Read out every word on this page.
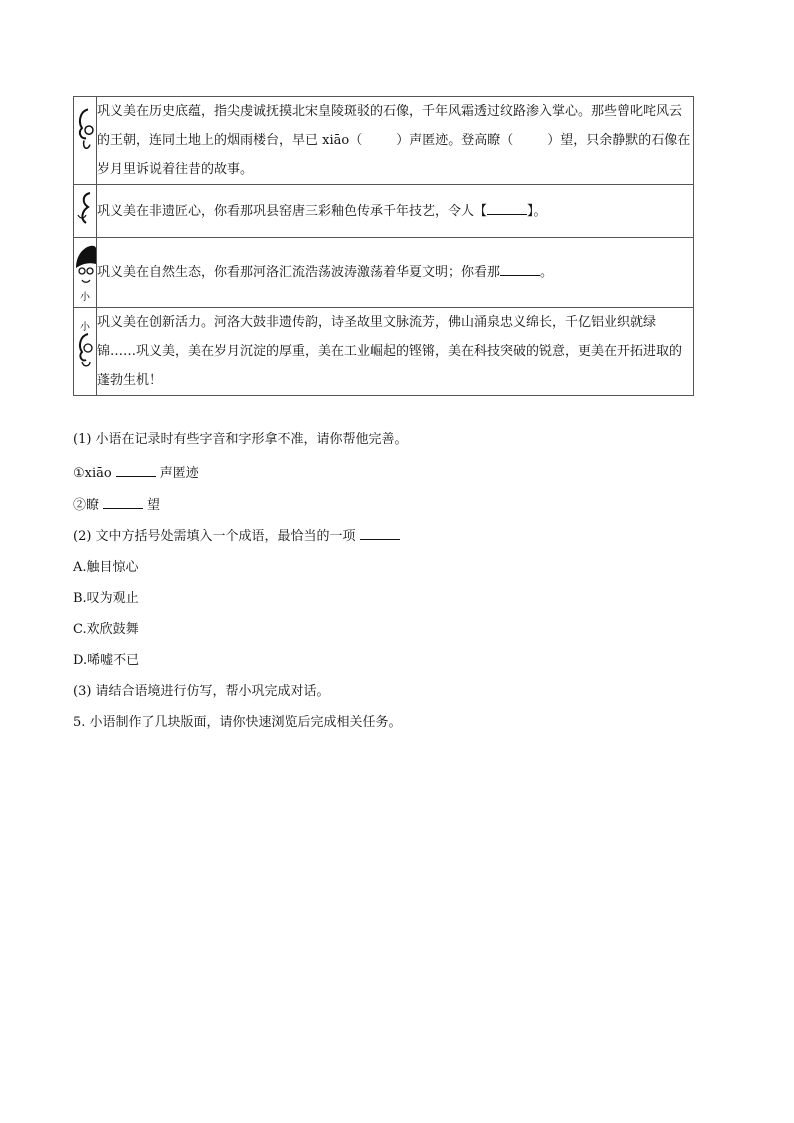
	巩义美在历史底蕴，指尖虔诚抚摸北宋皇陵斑驳的石像，千年风霜透过纹路渗入掌心。那些曾叱咤风云的王朝，连同土地上的烟雨楼台，早已 xiāo（ ）声匿迹。登高瞭（ ）望，只余静默的石像在岁月里诉说着往昔的故事。

	巩义美在非遗匠心，你看那巩县窑唐三彩釉色传承千年技艺，令人【 】。

小	巩义美在自然生态，你看那河洛汇流浩荡波涛激荡着华夏文明；你看那 。

小	巩义美在创新活力。河洛大鼓非遗传韵，诗圣故里文脉流芳，佛山涌泉忠义绵长，千亿铝业织就绿锦……巩义美，美在岁月沉淀的厚重，美在工业崛起的铿锵，美在科技突破的锐意，更美在开拓进取的蓬勃生机！
(1) 小语在记录时有些字音和字形拿不准，请你帮他完善。
①xiāo	声匿迹
②瞭	望
(2) 文中方括号处需填入一个成语，最恰当的一项
A.触目惊心
B.叹为观止
C.欢欣鼓舞
D.唏嘘不已
(3) 请结合语境进行仿写，帮小巩完成对话。
5. 小语制作了几块版面，请你快速浏览后完成相关任务。
